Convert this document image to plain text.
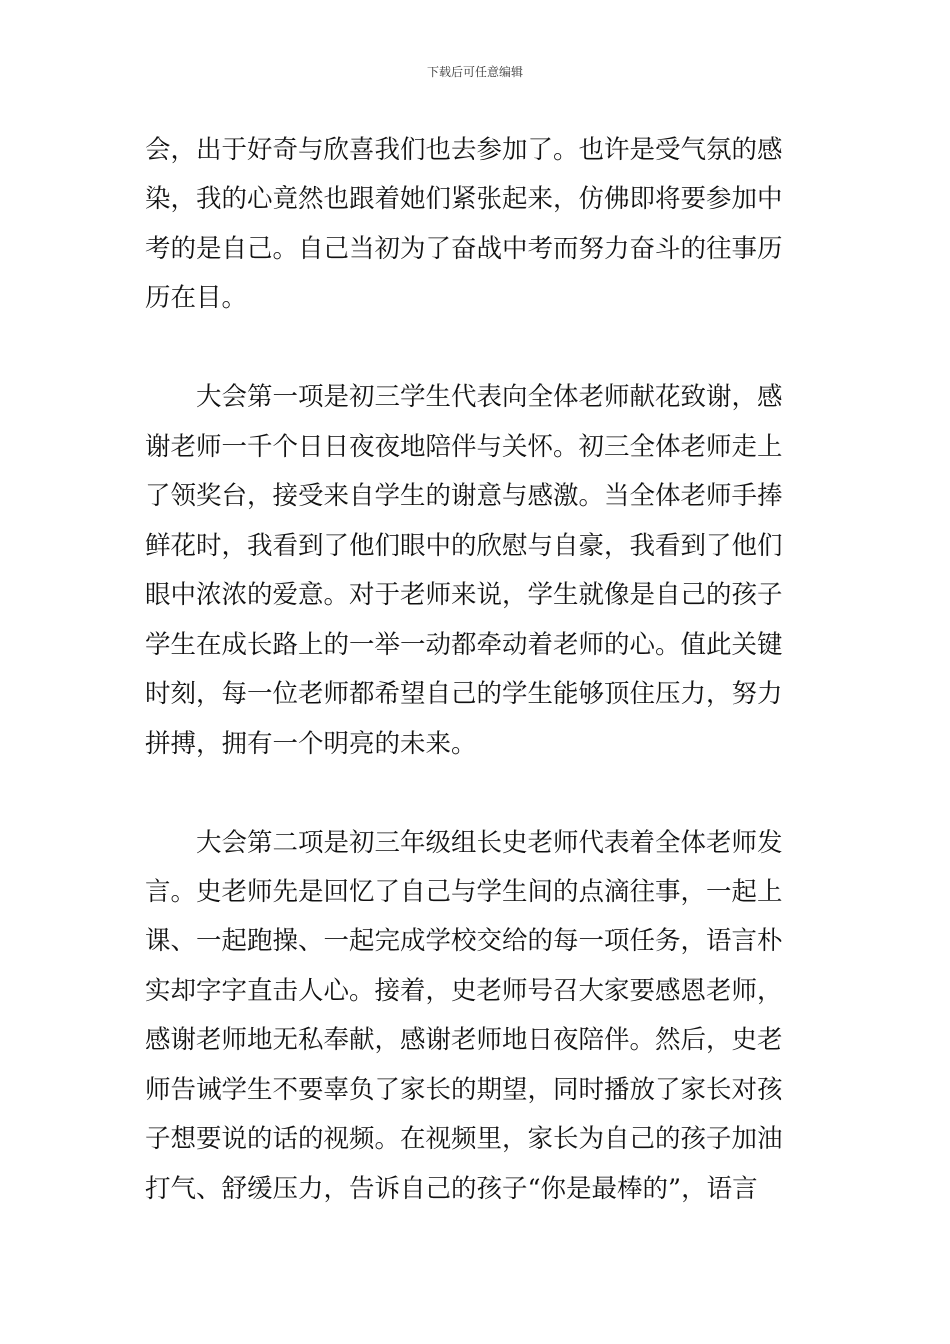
下载后可任意编辑
会，出于好奇与欣喜我们也去参加了。也许是受气氛的感
染，我的心竟然也跟着她们紧张起来，仿佛即将要参加中
考的是自己。自己当初为了奋战中考而努力奋斗的往事历
历在目。
　　大会第一项是初三学生代表向全体老师献花致谢，感
谢老师一千个日日夜夜地陪伴与关怀。初三全体老师走上
了领奖台，接受来自学生的谢意与感激。当全体老师手捧
鲜花时，我看到了他们眼中的欣慰与自豪，我看到了他们
眼中浓浓的爱意。对于老师来说，学生就像是自己的孩子
学生在成长路上的一举一动都牵动着老师的心。值此关键
时刻，每一位老师都希望自己的学生能够顶住压力，努力
拼搏，拥有一个明亮的未来。
　　大会第二项是初三年级组长史老师代表着全体老师发
言。史老师先是回忆了自己与学生间的点滴往事，一起上
课、一起跑操、一起完成学校交给的每一项任务，语言朴
实却字字直击人心。接着，史老师号召大家要感恩老师，
感谢老师地无私奉献，感谢老师地日夜陪伴。然后，史老
师告诫学生不要辜负了家长的期望，同时播放了家长对孩
子想要说的话的视频。在视频里，家长为自己的孩子加油
打气、舒缓压力，告诉自己的孩子“你是最棒的”，语言
